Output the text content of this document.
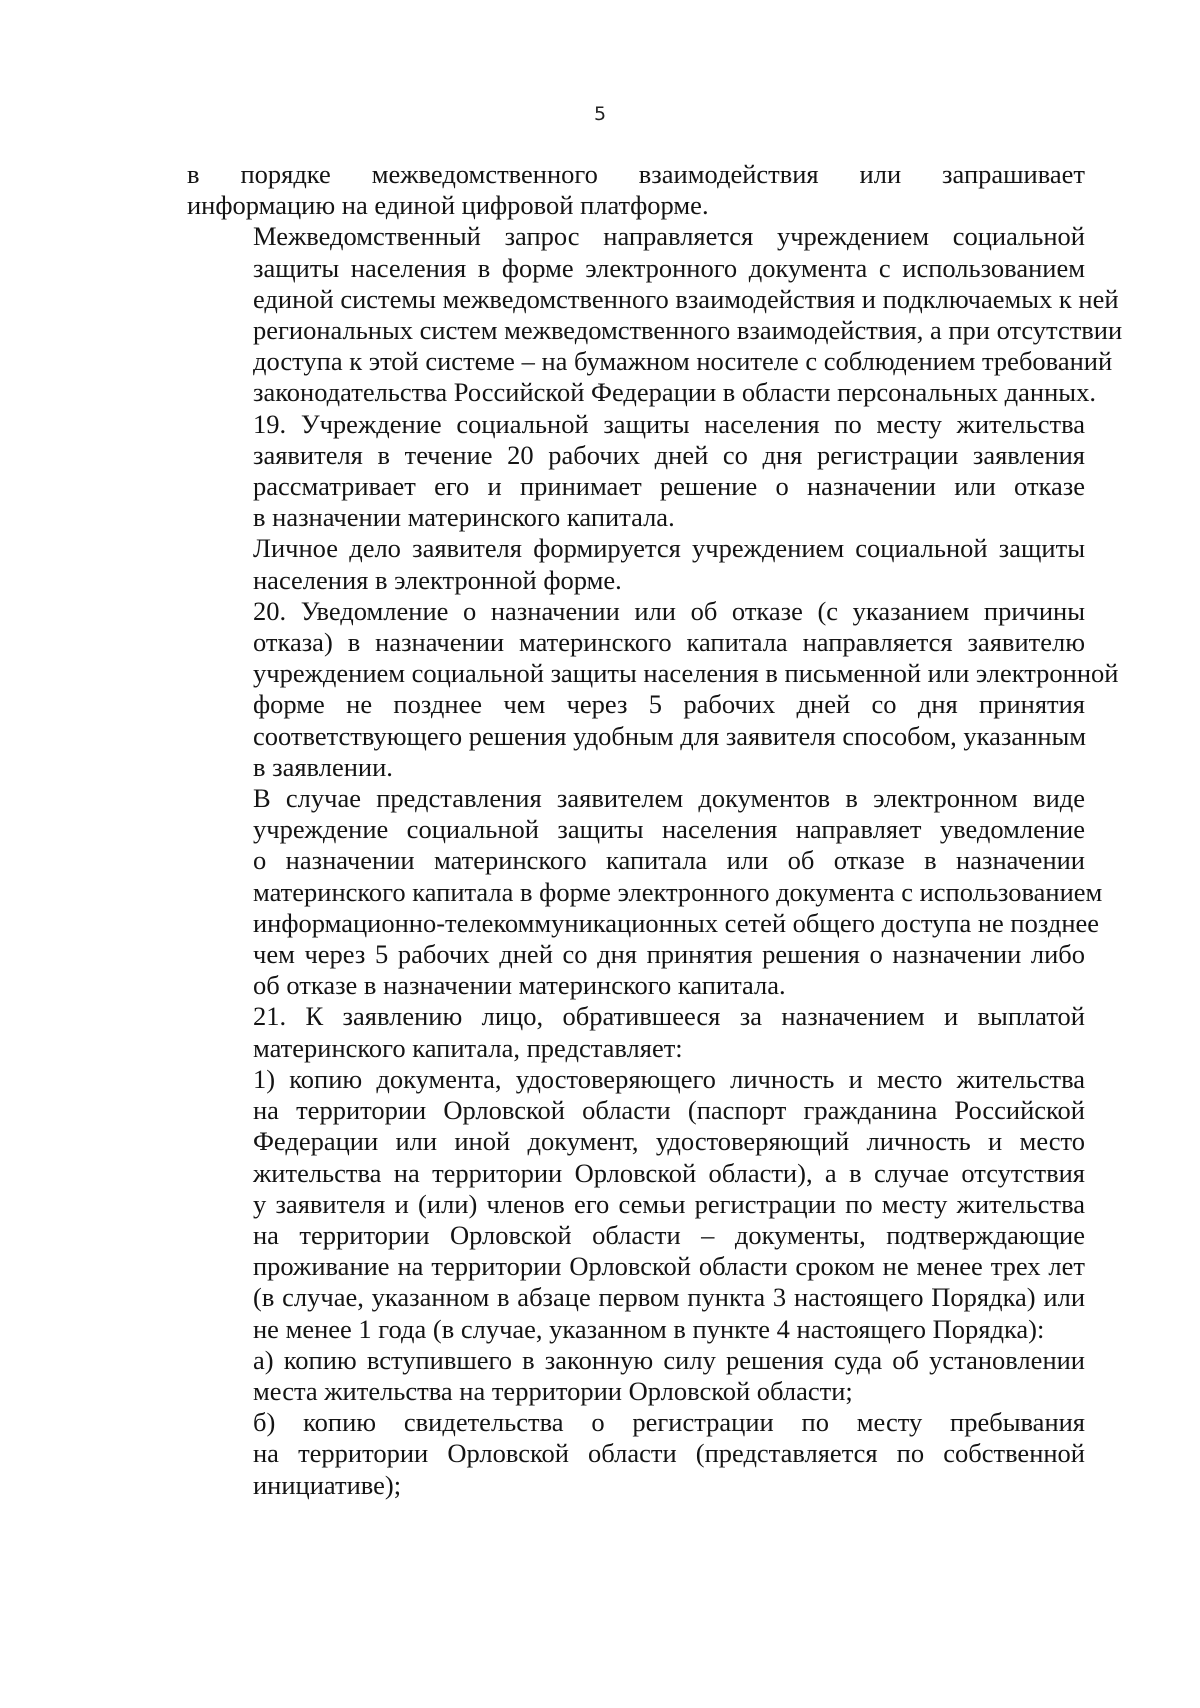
5

в порядке межведомственного взаимодействия или запрашивает
информацию на единой цифровой платформе.

Межведомственный запрос направляется учреждением социальной
защиты населения в форме электронного документа с использованием
единой системы межведомственного взаимодействия и подключаемых к ней
региональных систем межведомственного взаимодействия, а при отсутствии
доступа к этой системе – на бумажном носителе с соблюдением требований
законодательства Российской Федерации в области персональных данных.

19. Учреждение социальной защиты населения по месту жительства
заявителя в течение 20 рабочих дней со дня регистрации заявления
рассматривает его и принимает решение о назначении или отказе
в назначении материнского капитала.

Личное дело заявителя формируется учреждением социальной защиты
населения в электронной форме.

20. Уведомление о назначении или об отказе (с указанием причины
отказа) в назначении материнского капитала направляется заявителю
учреждением социальной защиты населения в письменной или электронной
форме не позднее чем через 5 рабочих дней со дня принятия
соответствующего решения удобным для заявителя способом, указанным
в заявлении.

В случае представления заявителем документов в электронном виде
учреждение социальной защиты населения направляет уведомление
о назначении материнского капитала или об отказе в назначении
материнского капитала в форме электронного документа с использованием
информационно-телекоммуникационных сетей общего доступа не позднее
чем через 5 рабочих дней со дня принятия решения о назначении либо
об отказе в назначении материнского капитала.

21. К заявлению лицо, обратившееся за назначением и выплатой
материнского капитала, представляет:

1) копию документа, удостоверяющего личность и место жительства
на территории Орловской области (паспорт гражданина Российской
Федерации или иной документ, удостоверяющий личность и место
жительства на территории Орловской области), а в случае отсутствия
у заявителя и (или) членов его семьи регистрации по месту жительства
на территории Орловской области – документы, подтверждающие
проживание на территории Орловской области сроком не менее трех лет
(в случае, указанном в абзаце первом пункта 3 настоящего Порядка) или
не менее 1 года (в случае, указанном в пункте 4 настоящего Порядка):

а) копию вступившего в законную силу решения суда об установлении
места жительства на территории Орловской области;

б) копию свидетельства о регистрации по месту пребывания
на территории Орловской области (представляется по собственной
инициативе);
